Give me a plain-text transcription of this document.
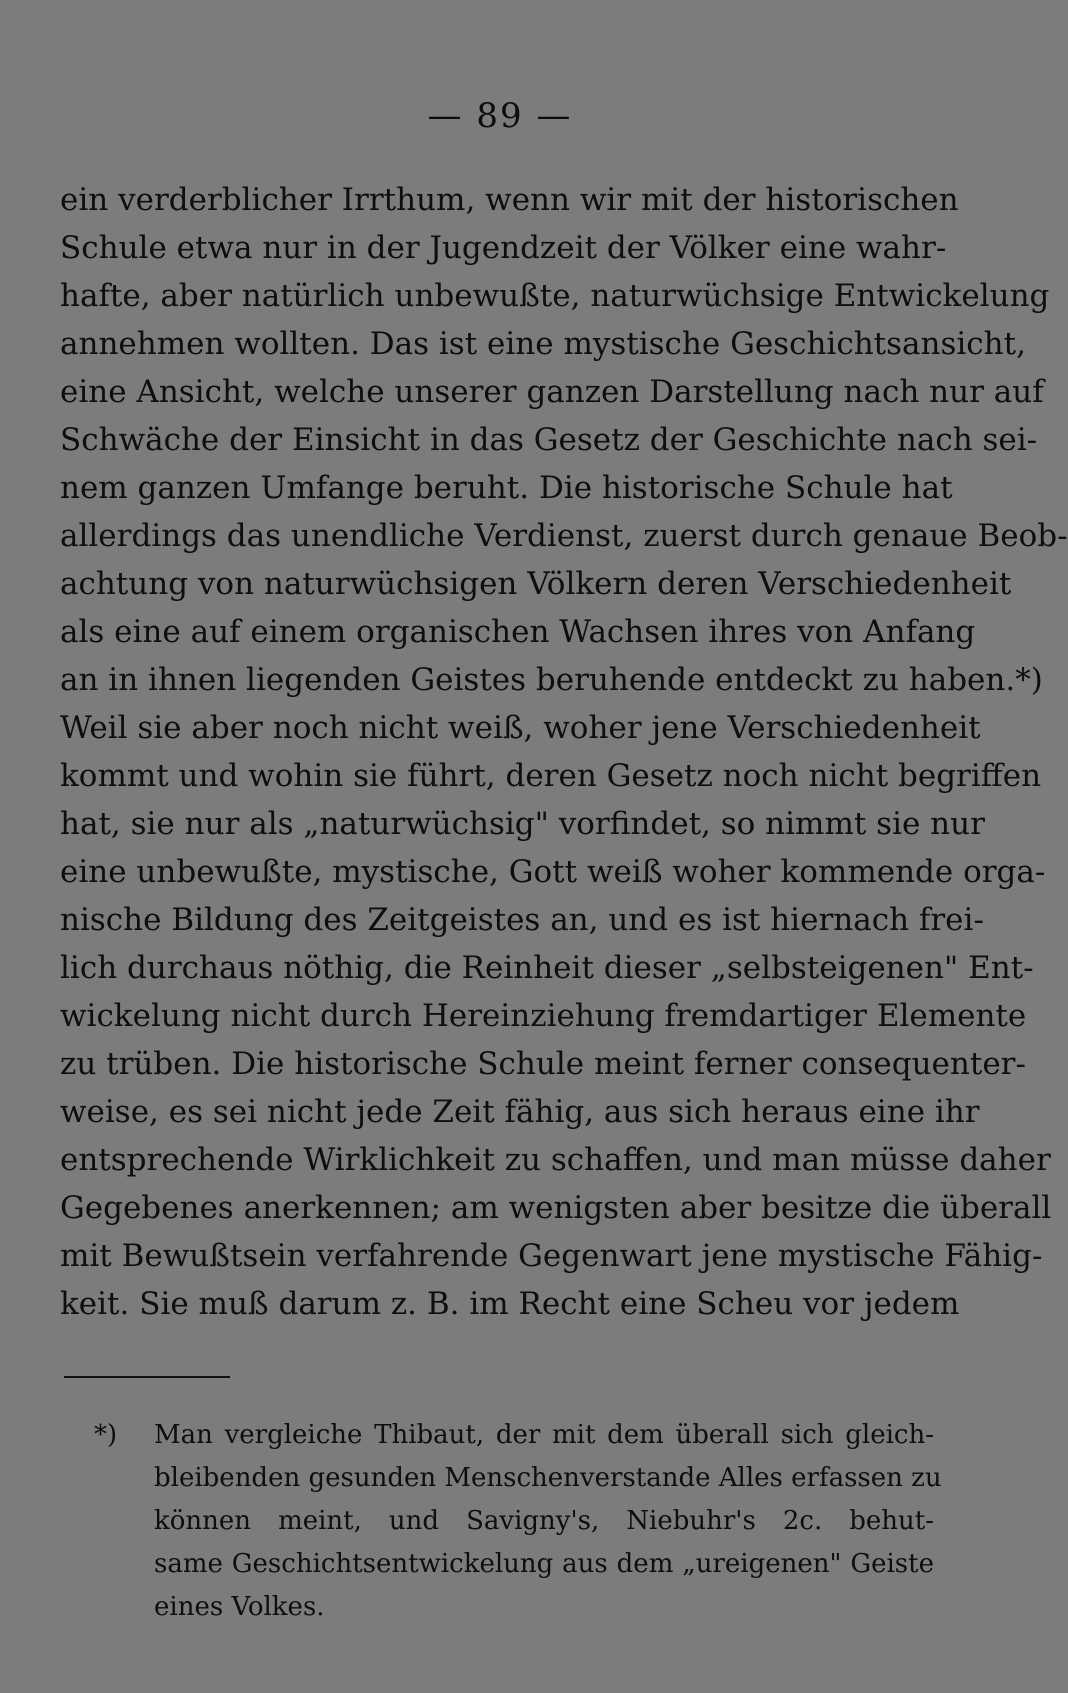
— 89 —
ein verderblicher Irrthum, wenn wir mit der historischen
Schule etwa nur in der Jugendzeit der Völker eine wahr-
hafte, aber natürlich unbewußte, naturwüchsige Entwickelung
annehmen wollten. Das ist eine mystische Geschichtsansicht,
eine Ansicht, welche unserer ganzen Darstellung nach nur auf
Schwäche der Einsicht in das Gesetz der Geschichte nach sei-
nem ganzen Umfange beruht. Die historische Schule hat
allerdings das unendliche Verdienst, zuerst durch genaue Beob-
achtung von naturwüchsigen Völkern deren Verschiedenheit
als eine auf einem organischen Wachsen ihres von Anfang
an in ihnen liegenden Geistes beruhende entdeckt zu haben.*)
Weil sie aber noch nicht weiß, woher jene Verschiedenheit
kommt und wohin sie führt, deren Gesetz noch nicht begriffen
hat, sie nur als „naturwüchsig" vorfindet, so nimmt sie nur
eine unbewußte, mystische, Gott weiß woher kommende orga-
nische Bildung des Zeitgeistes an, und es ist hiernach frei-
lich durchaus nöthig, die Reinheit dieser „selbsteigenen" Ent-
wickelung nicht durch Hereinziehung fremdartiger Elemente
zu trüben. Die historische Schule meint ferner consequenter-
weise, es sei nicht jede Zeit fähig, aus sich heraus eine ihr
entsprechende Wirklichkeit zu schaffen, und man müsse daher
Gegebenes anerkennen; am wenigsten aber besitze die überall
mit Bewußtsein verfahrende Gegenwart jene mystische Fähig-
keit. Sie muß darum z. B. im Recht eine Scheu vor jedem
*) Man vergleiche Thibaut, der mit dem überall sich gleich-
bleibenden gesunden Menschenverstande Alles erfassen zu
können meint, und Savigny's, Niebuhr's 2c. behut-
same Geschichtsentwickelung aus dem „ureigenen" Geiste
eines Volkes.
